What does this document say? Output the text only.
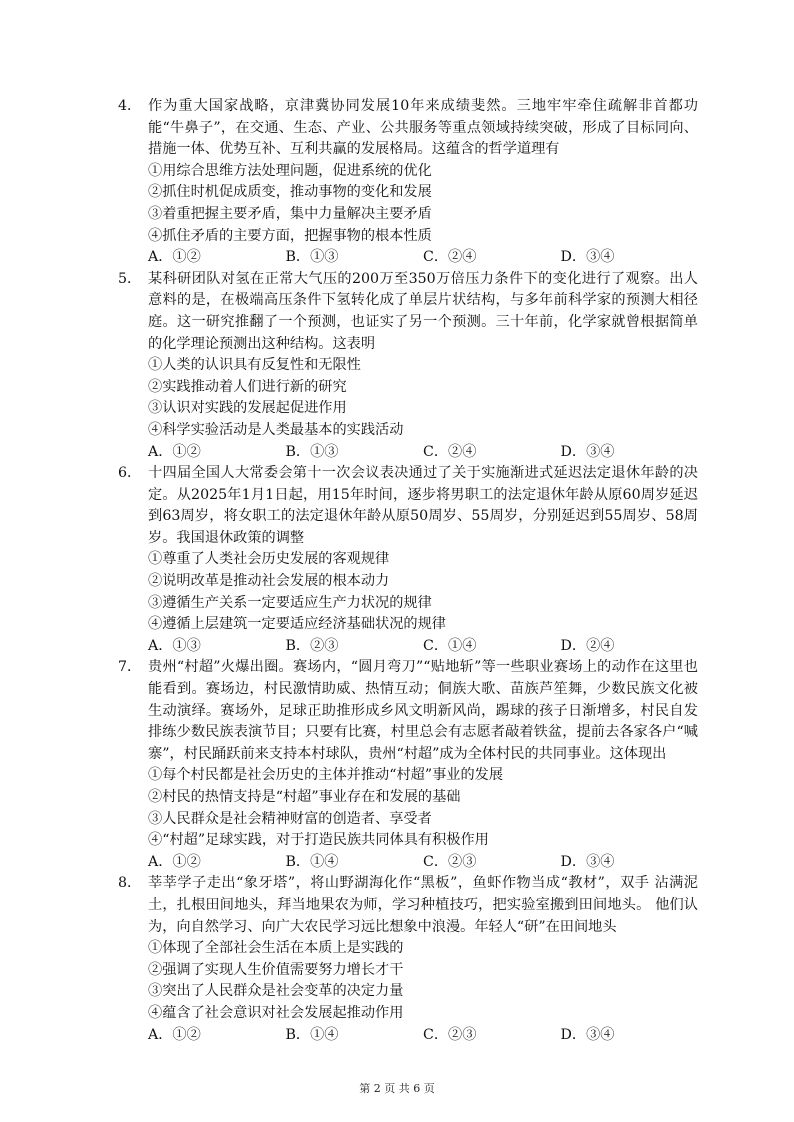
4． 作为重大国家战略，京津冀协同发展10年来成绩斐然。三地牢牢牵住疏解非首都功能“牛鼻子”，在交通、生态、产业、公共服务等重点领域持续突破，形成了目标同向、措施一体、优势互补、互利共赢的发展格局。这蕴含的哲学道理有
①用综合思维方法处理问题，促进系统的优化
②抓住时机促成质变，推动事物的变化和发展
③着重把握主要矛盾，集中力量解决主要矛盾
④抓住矛盾的主要方面，把握事物的根本性质
A．①②	B．①③	C．②④	D．③④
5． 某科研团队对氢在正常大气压的200万至350万倍压力条件下的变化进行了观察。出人意料的是，在极端高压条件下氢转化成了单层片状结构，与多年前科学家的预测大相径庭。这一研究推翻了一个预测，也证实了另一个预测。三十年前，化学家就曾根据简单的化学理论预测出这种结构。这表明
①人类的认识具有反复性和无限性
②实践推动着人们进行新的研究
③认识对实践的发展起促进作用
④科学实验活动是人类最基本的实践活动
A．①②	B．①③	C．②④	D．③④
6． 十四届全国人大常委会第十一次会议表决通过了关于实施渐进式延迟法定退休年龄的决定。从2025年1月1日起，用15年时间，逐步将男职工的法定退休年龄从原60周岁延迟到63周岁，将女职工的法定退休年龄从原50周岁、55周岁，分别延迟到55周岁、58周岁。我国退休政策的调整
①尊重了人类社会历史发展的客观规律
②说明改革是推动社会发展的根本动力
③遵循生产关系一定要适应生产力状况的规律
④遵循上层建筑一定要适应经济基础状况的规律
A．①③	B．②③	C．①④	D．②④
7． 贵州“村超”火爆出圈。赛场内，“圆月弯刀”“贴地斩”等一些职业赛场上的动作在这里也能看到。赛场边，村民激情助威、热情互动；侗族大歌、苗族芦笙舞，少数民族文化被生动演绎。赛场外，足球正助推形成乡风文明新风尚，踢球的孩子日渐增多，村民自发排练少数民族表演节目；只要有比赛，村里总会有志愿者敲着铁盆，提前去各家各户“喊寨”，村民踊跃前来支持本村球队，贵州“村超”成为全体村民的共同事业。这体现出
①每个村民都是社会历史的主体并推动“村超”事业的发展
②村民的热情支持是“村超”事业存在和发展的基础
③人民群众是社会精神财富的创造者、享受者
④“村超”足球实践，对于打造民族共同体具有积极作用
A．①②	B．①④	C．②③	D．③④
8． 莘莘学子走出“象牙塔”，将山野湖海化作“黑板”，鱼虾作物当成“教材”，双手 沾满泥土，扎根田间地头，拜当地果农为师，学习种植技巧，把实验室搬到田间地头。 他们认为，向自然学习、向广大农民学习远比想象中浪漫。年轻人“研”在田间地头
①体现了全部社会生活在本质上是实践的
②强调了实现人生价值需要努力增长才干
③突出了人民群众是社会变革的决定力量
④蕴含了社会意识对社会发展起推动作用
A．①②	B．①④	C．②③	D．③④
第 2 页 共 6 页
